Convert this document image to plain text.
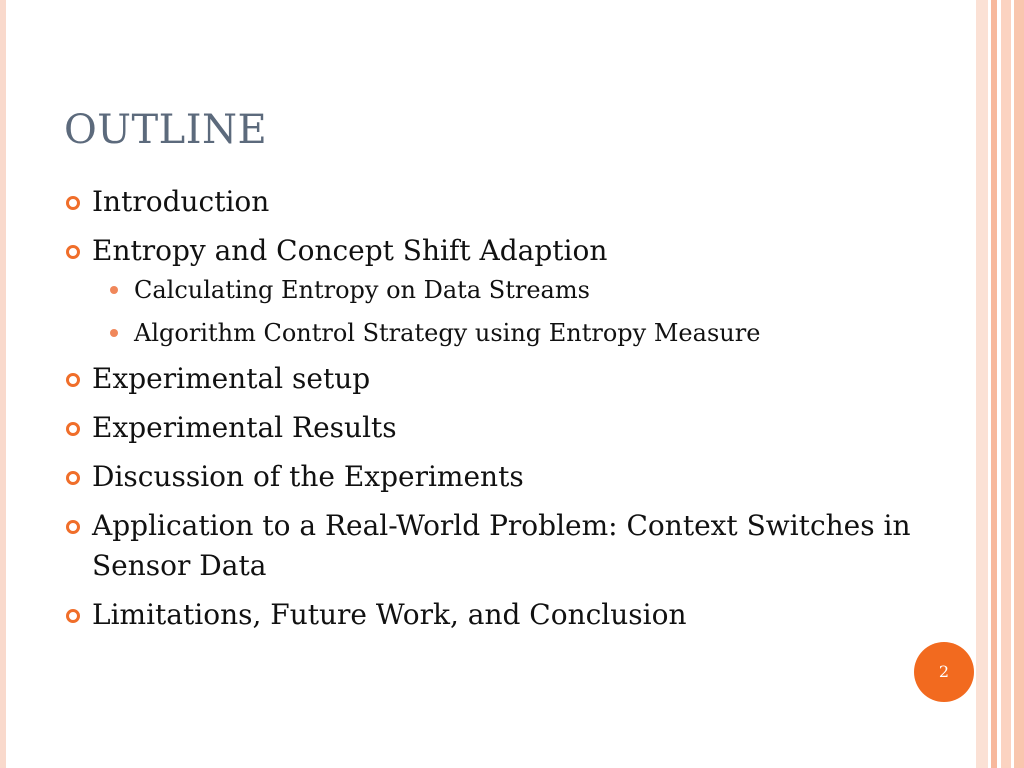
OUTLINE
Introduction
Entropy and Concept Shift Adaption
Calculating Entropy on Data Streams
Algorithm Control Strategy using Entropy Measure
Experimental setup
Experimental Results
Discussion of the Experiments
Application to a Real-World Problem: Context Switches in Sensor Data
Limitations, Future Work, and Conclusion
2
